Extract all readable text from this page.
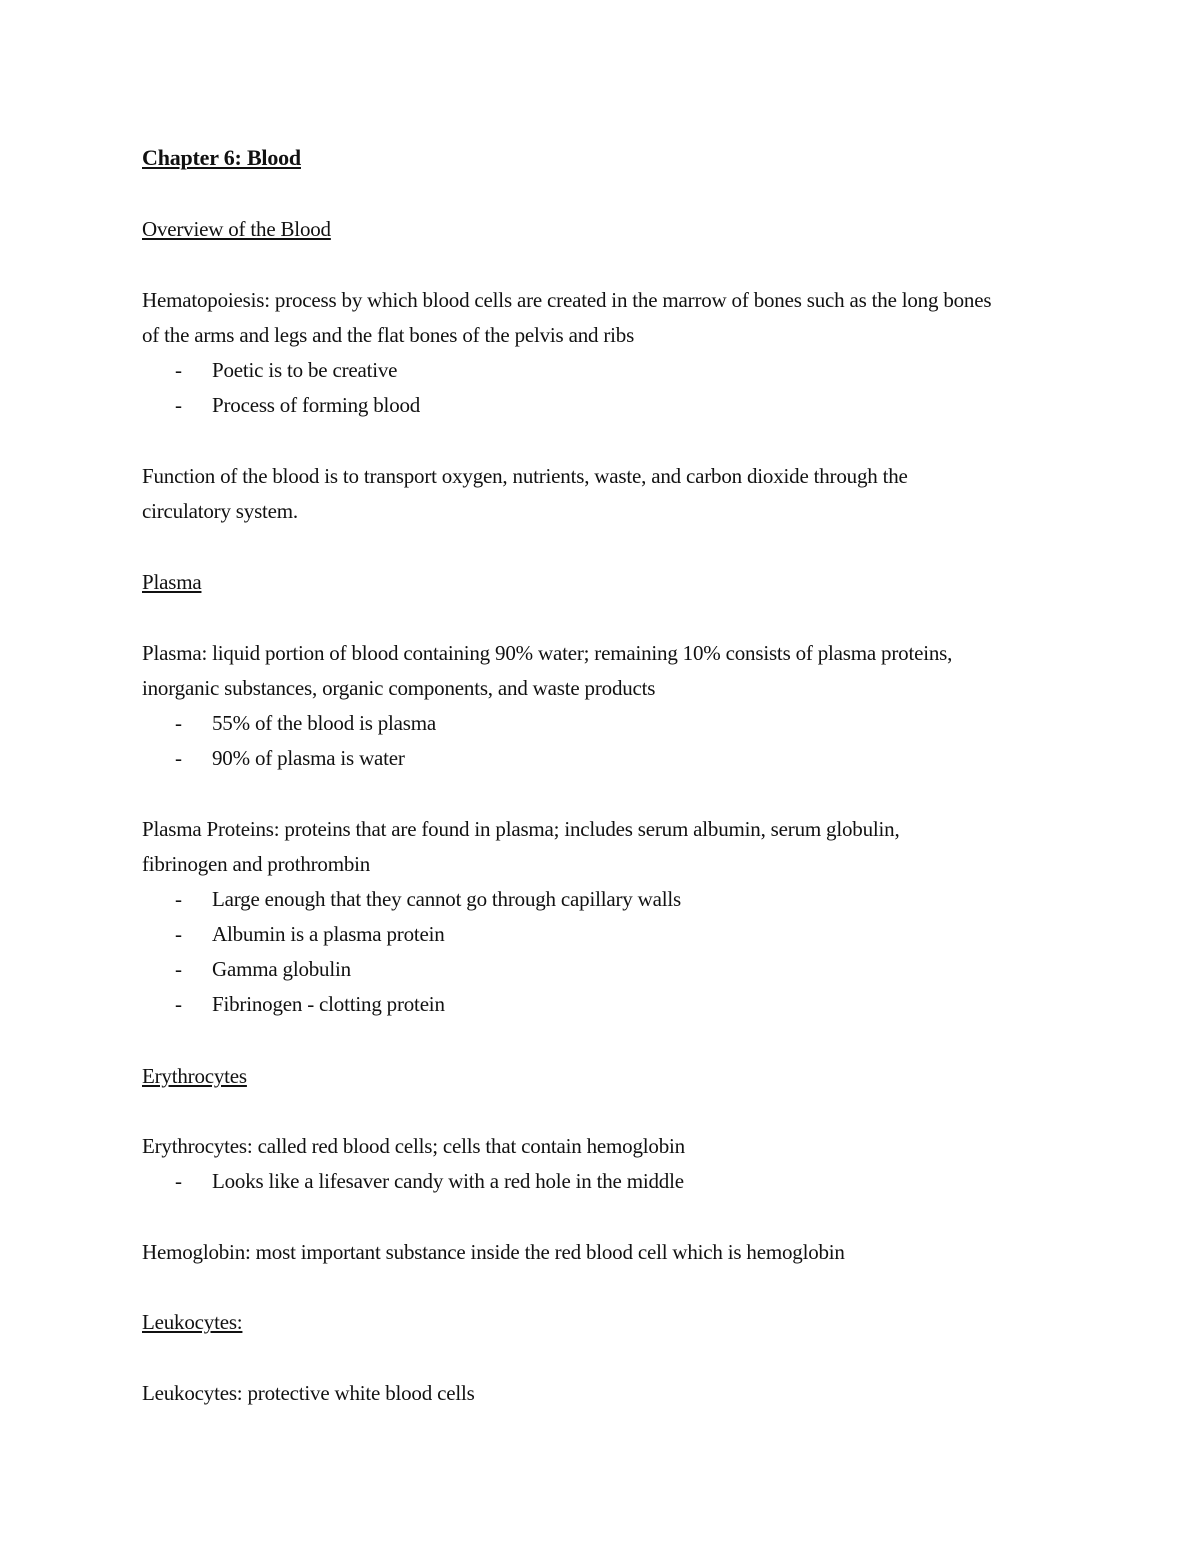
Chapter 6: Blood
Overview of the Blood
Hematopoiesis: process by which blood cells are created in the marrow of bones such as the long bones
of the arms and legs and the flat bones of the pelvis and ribs
- Poetic is to be creative
- Process of forming blood
Function of the blood is to transport oxygen, nutrients, waste, and carbon dioxide through the
circulatory system.
Plasma
Plasma: liquid portion of blood containing 90% water; remaining 10% consists of plasma proteins,
inorganic substances, organic components, and waste products
- 55% of the blood is plasma
- 90% of plasma is water
Plasma Proteins: proteins that are found in plasma; includes serum albumin, serum globulin,
fibrinogen and prothrombin
- Large enough that they cannot go through capillary walls
- Albumin is a plasma protein
- Gamma globulin
- Fibrinogen - clotting protein
Erythrocytes
Erythrocytes: called red blood cells; cells that contain hemoglobin
- Looks like a lifesaver candy with a red hole in the middle
Hemoglobin: most important substance inside the red blood cell which is hemoglobin
Leukocytes:
Leukocytes: protective white blood cells
